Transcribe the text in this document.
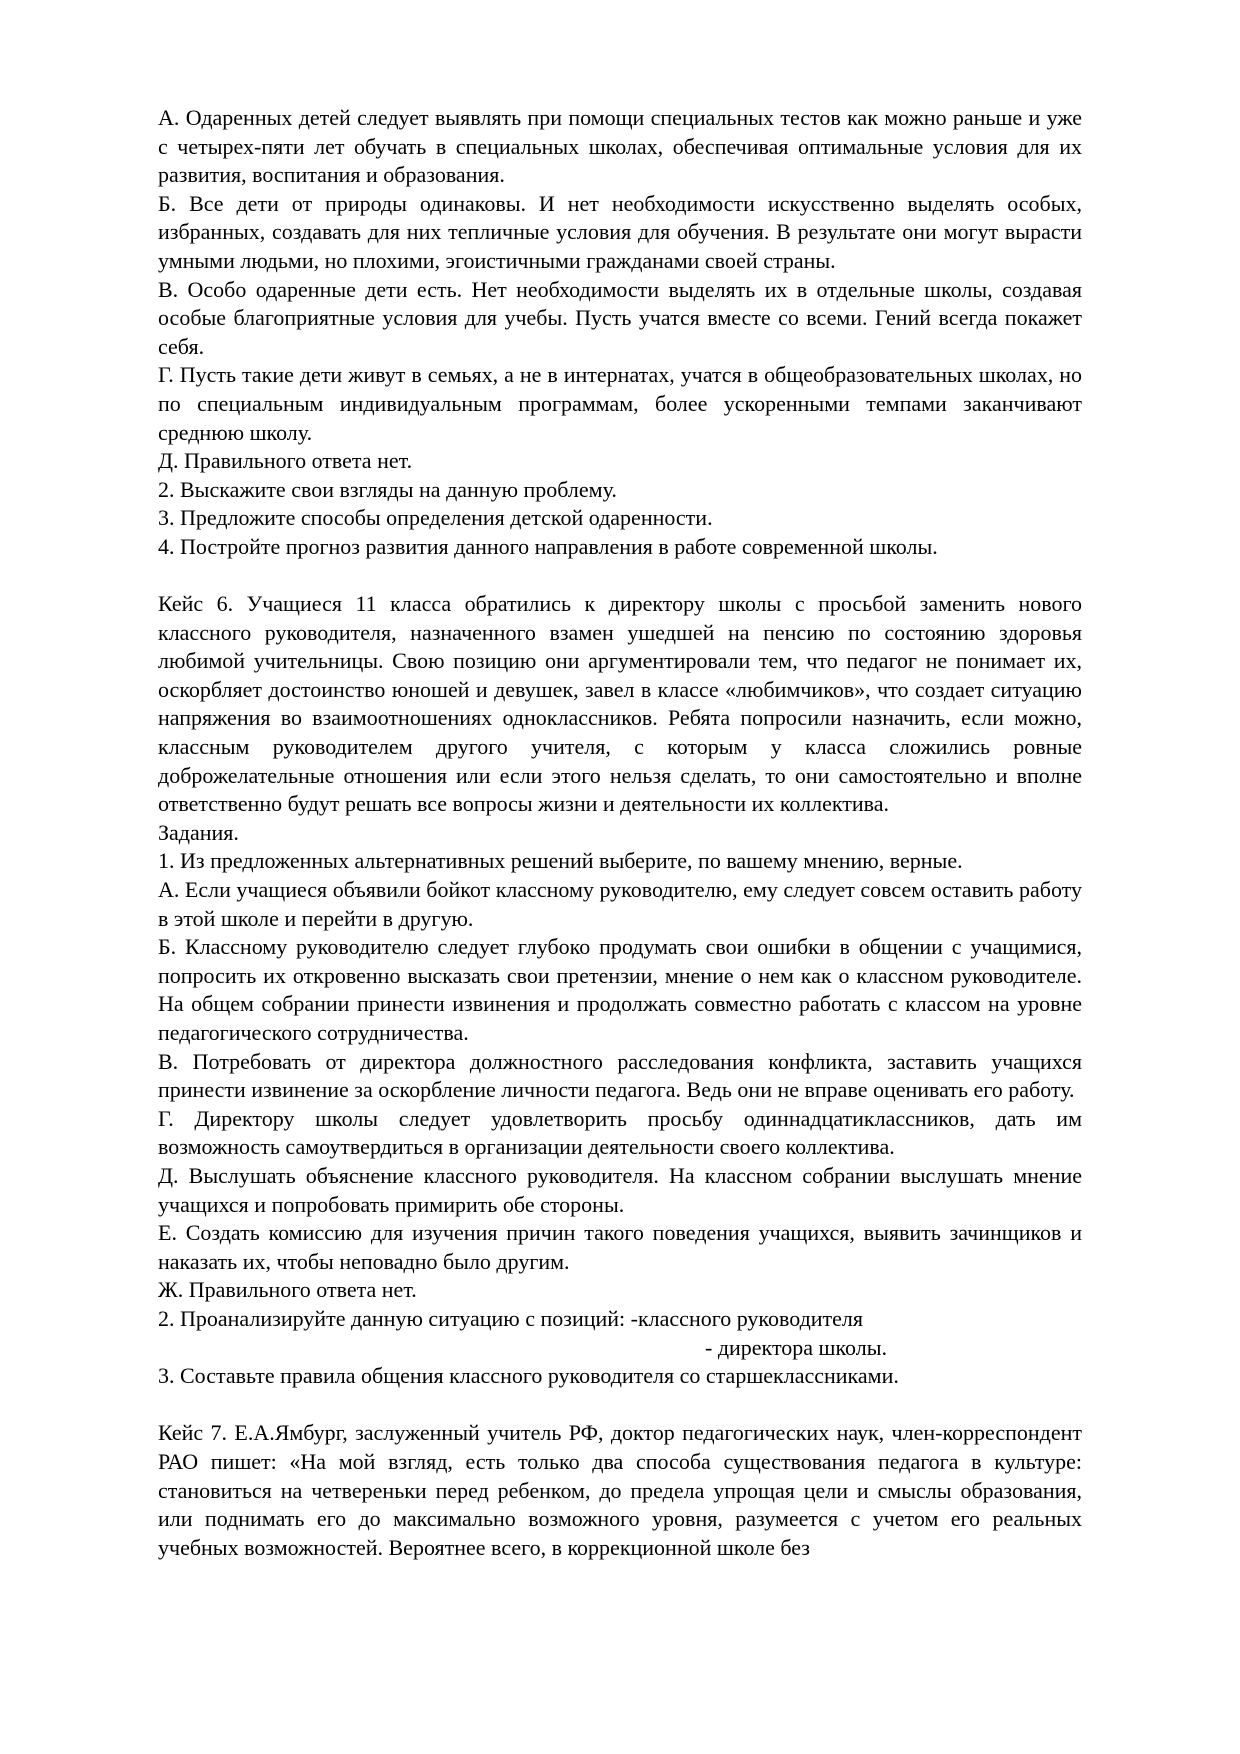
А. Одаренных детей следует выявлять при помощи специальных тестов как можно раньше и уже с четырех-пяти лет обучать в специальных школах, обеспечивая оптимальные условия для их развития, воспитания и образования.

Б. Все дети от природы одинаковы. И нет необходимости искусственно выделять особых, избранных, создавать для них тепличные условия для обучения. В результате они могут вырасти умными людьми, но плохими, эгоистичными гражданами своей страны.

В. Особо одаренные дети есть. Нет необходимости выделять их в отдельные школы, создавая особые благоприятные условия для учебы. Пусть учатся вместе со всеми. Гений всегда покажет себя.

Г. Пусть такие дети живут в семьях, а не в интернатах, учатся в общеобразовательных школах, но по специальным индивидуальным программам, более ускоренными темпами заканчивают среднюю школу.

Д. Правильного ответа нет.

2. Выскажите свои взгляды на данную проблему.

3. Предложите способы определения детской одаренности.

4. Постройте прогноз развития данного направления в работе современной школы.

Кейс 6. Учащиеся 11 класса обратились к директору школы с просьбой заменить нового классного руководителя, назначенного взамен ушедшей на пенсию по состоянию здоровья любимой учительницы. Свою позицию они аргументировали тем, что педагог не понимает их, оскорбляет достоинство юношей и девушек, завел в классе «любимчиков», что создает ситуацию напряжения во взаимоотношениях одноклассников. Ребята попросили назначить, если можно, классным руководителем другого учителя, с которым у класса сложились ровные доброжелательные отношения или если этого нельзя сделать, то они самостоятельно и вполне ответственно будут решать все вопросы жизни и деятельности их коллектива.

Задания.

1. Из предложенных альтернативных решений выберите, по вашему мнению, верные.

А. Если учащиеся объявили бойкот классному руководителю, ему следует совсем оставить работу в этой школе и перейти в другую.

Б. Классному руководителю следует глубоко продумать свои ошибки в общении с учащимися, попросить их откровенно высказать свои претензии, мнение о нем как о классном руководителе. На общем собрании принести извинения и продолжать совместно работать с классом на уровне педагогического сотрудничества.

В. Потребовать от директора должностного расследования конфликта, заставить учащихся принести извинение за оскорбление личности педагога. Ведь они не вправе оценивать его работу.

Г. Директору школы следует удовлетворить просьбу одиннадцатиклассников, дать им возможность самоутвердиться в организации деятельности своего коллектива.

Д. Выслушать объяснение классного руководителя. На классном собрании выслушать мнение учащихся и попробовать примирить обе стороны.

Е. Создать комиссию для изучения причин такого поведения учащихся, выявить зачинщиков и наказать их, чтобы неповадно было другим.

Ж. Правильного ответа нет.

2. Проанализируйте данную ситуацию с позиций: -классного руководителя

- директора школы.

3. Составьте правила общения классного руководителя со старшеклассниками.

Кейс 7. Е.А.Ямбург, заслуженный учитель РФ, доктор педагогических наук, член-корреспондент РАО пишет: «На мой взгляд, есть только два способа существования педагога в культуре: становиться на четвереньки перед ребенком, до предела упрощая цели и смыслы образования, или поднимать его до максимально возможного уровня, разумеется с учетом его реальных учебных возможностей. Вероятнее всего, в коррекционной школе без
